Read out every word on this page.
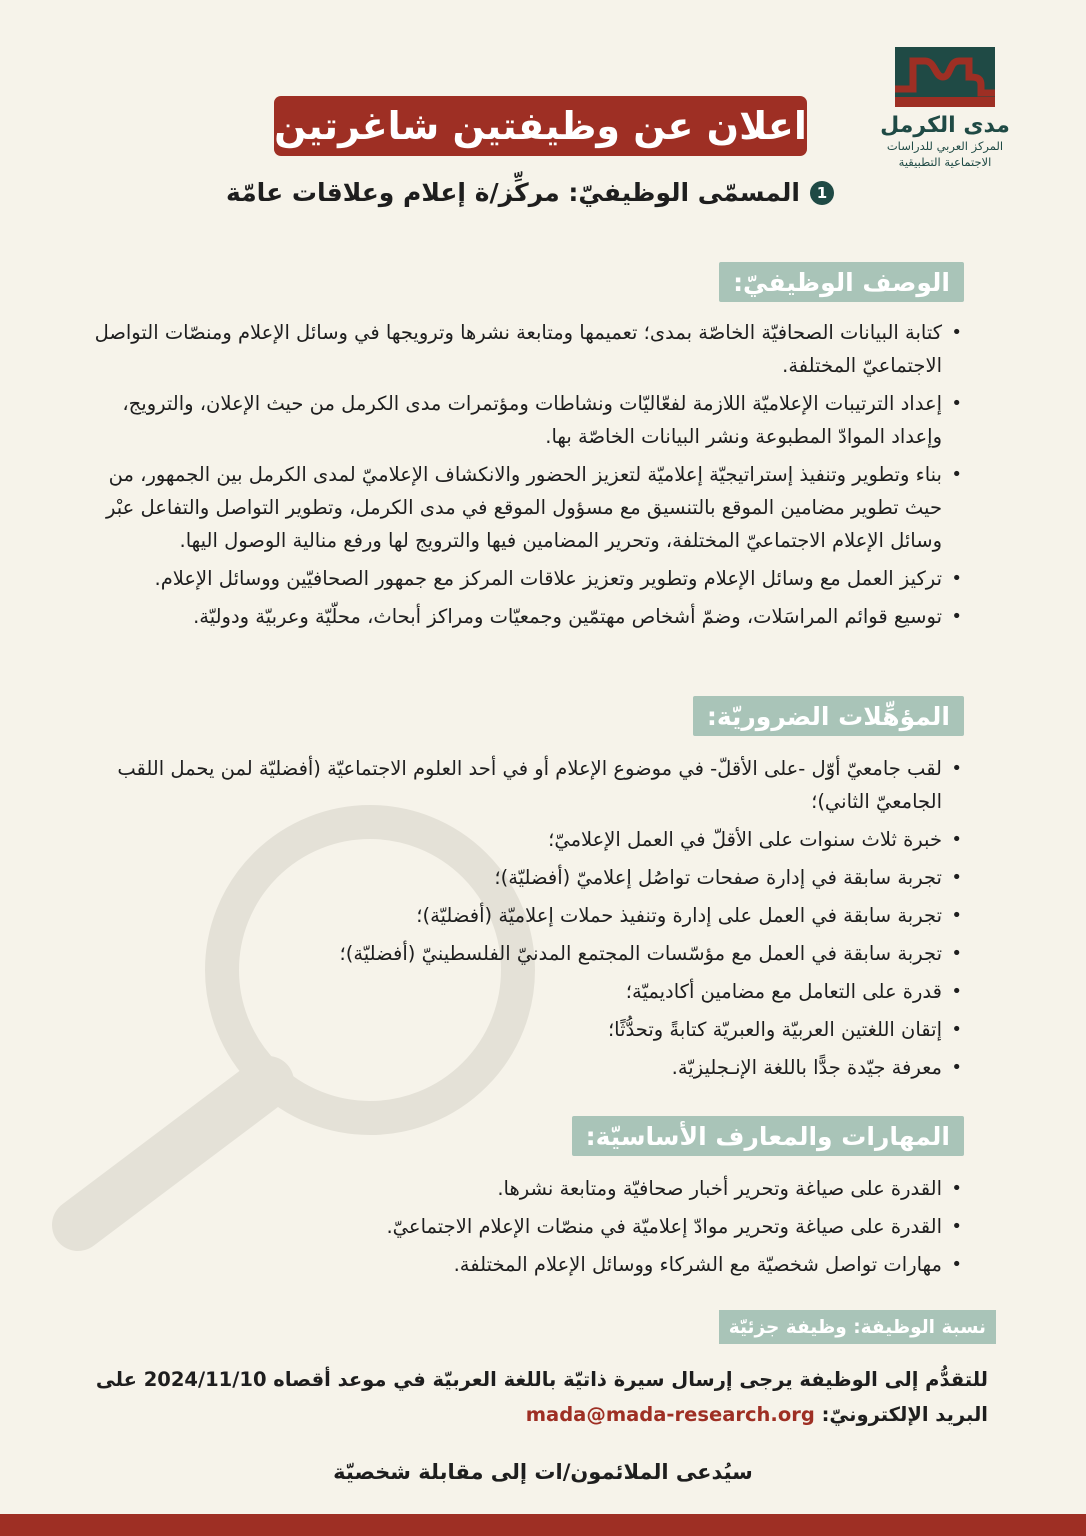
مدى الكرمل
المركز العربي للدراسات
الاجتماعية التطبيقية
اعلان عن وظيفتين شاغرتين
1
المسمّى الوظيفيّ: مركِّز/ة إعلام وعلاقات عامّة
الوصف الوظيفيّ:
• كتابة البيانات الصحافيّة الخاصّة بمدى؛ تعميمها ومتابعة نشرها وترويجها في وسائل الإعلام ومنصّات التواصل الاجتماعيّ المختلفة.
• إعداد الترتيبات الإعلاميّة اللازمة لفعّاليّات ونشاطات ومؤتمرات مدى الكرمل من حيث الإعلان، والترويج، وإعداد الموادّ المطبوعة ونشر البيانات الخاصّة بها.
• بناء وتطوير وتنفيذ إستراتيجيّة إعلاميّة لتعزيز الحضور والانكشاف الإعلاميّ لمدى الكرمل بين الجمهور، من حيث تطوير مضامين الموقع بالتنسيق مع مسؤول الموقع في مدى الكرمل، وتطوير التواصل والتفاعل عبْر وسائل الإعلام الاجتماعيّ المختلفة، وتحرير المضامين فيها والترويج لها ورفع منالية الوصول اليها.
• تركيز العمل مع وسائل الإعلام وتطوير وتعزيز علاقات المركز مع جمهور الصحافيّين ووسائل الإعلام.
• توسيع قوائم المراسَلات، وضمّ أشخاص مهتمّين وجمعيّات ومراكز أبحاث، محلّيّة وعربيّة ودوليّة.
المؤهِّلات الضروريّة:
• لقب جامعيّ أوّل -على الأقلّ- في موضوع الإعلام أو في أحد العلوم الاجتماعيّة (أفضليّة لمن يحمل اللقب الجامعيّ الثاني)؛
• خبرة ثلاث سنوات على الأقلّ في العمل الإعلاميّ؛
• تجربة سابقة في إدارة صفحات تواصُل إعلاميّ (أفضليّة)؛
• تجربة سابقة في العمل على إدارة وتنفيذ حملات إعلاميّة (أفضليّة)؛
• تجربة سابقة في العمل مع مؤسّسات المجتمع المدنيّ الفلسطينيّ (أفضليّة)؛
• قدرة على التعامل مع مضامين أكاديميّة؛
• إتقان اللغتين العربيّة والعبريّة كتابةً وتحدُّثًا؛
• معرفة جيّدة جدًّا باللغة الإنـجليزيّة.
المهارات والمعارف الأساسيّة:
• القدرة على صياغة وتحرير أخبار صحافيّة ومتابعة نشرها.
• القدرة على صياغة وتحرير موادّ إعلاميّة في منصّات الإعلام الاجتماعيّ.
• مهارات تواصل شخصيّة مع الشركاء ووسائل الإعلام المختلفة.
نسبة الوظيفة: وظيفة جزئيّة
للتقدُّم إلى الوظيفة يرجى إرسال سيرة ذاتيّة باللغة العربيّة في موعد أقصاه 2024/11/10 على البريد الإلكترونيّ: mada@mada-research.org
سيُدعى الملائمون/ات إلى مقابلة شخصيّة
